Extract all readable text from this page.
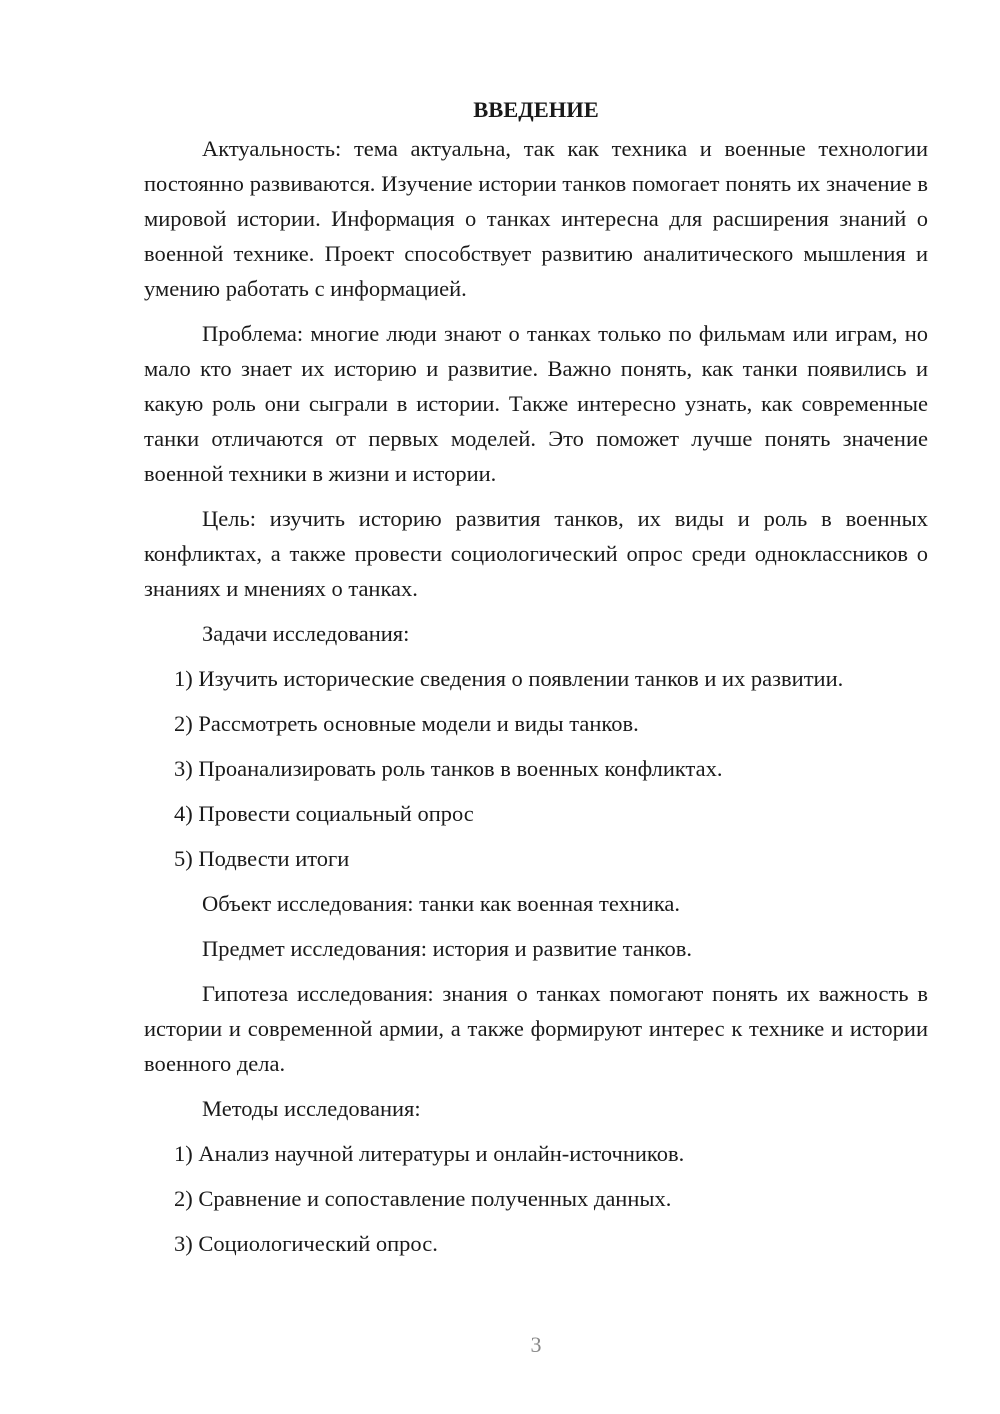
ВВЕДЕНИЕ

Актуальность: тема актуальна, так как техника и военные технологии постоянно развиваются. Изучение истории танков помогает понять их значение в мировой истории. Информация о танках интересна для расширения знаний о военной технике. Проект способствует развитию аналитического мышления и умению работать с информацией.

Проблема: многие люди знают о танках только по фильмам или играм, но мало кто знает их историю и развитие. Важно понять, как танки появились и какую роль они сыграли в истории. Также интересно узнать, как современные танки отличаются от первых моделей. Это поможет лучше понять значение военной техники в жизни и истории.

Цель: изучить историю развития танков, их виды и роль в военных конфликтах, а также провести социологический опрос среди одноклассников о знаниях и мнениях о танках.

Задачи исследования:

1) Изучить исторические сведения о появлении танков и их развитии.
2) Рассмотреть основные модели и виды танков.
3) Проанализировать роль танков в военных конфликтах.
4) Провести социальный опрос
5) Подвести итоги

Объект исследования: танки как военная техника.

Предмет исследования: история и развитие танков.

Гипотеза исследования: знания о танках помогают понять их важность в истории и современной армии, а также формируют интерес к технике и истории военного дела.

Методы исследования:

1) Анализ научной литературы и онлайн-источников.
2) Сравнение и сопоставление полученных данных.
3) Социологический опрос.
3
